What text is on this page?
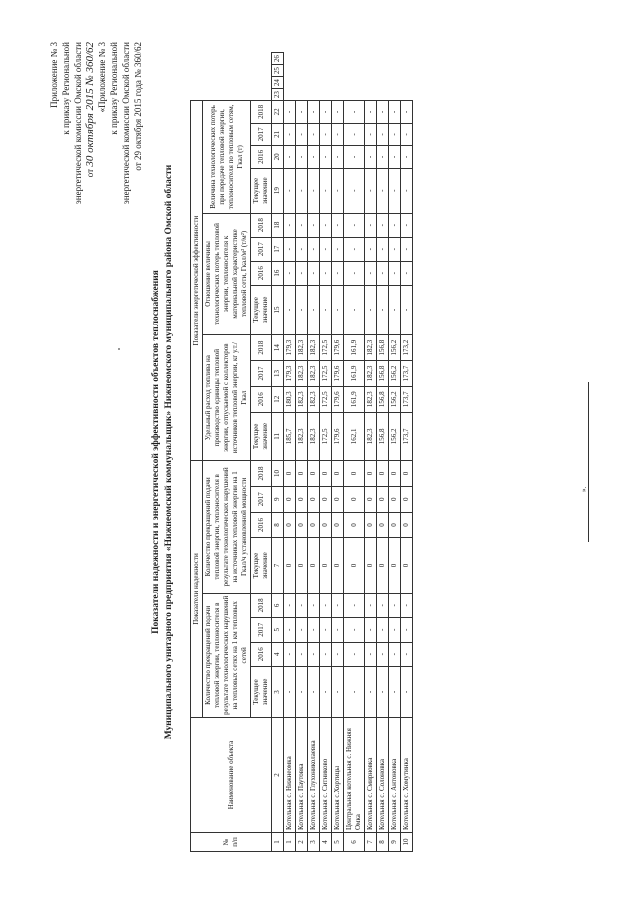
Приложение № 3 к приказу Региональной энергетической комиссии Омской области от 30 октября 2015 № 360/62 «Приложение № 3 к приказу Региональной энергетической комиссии Омской области от 29 октября 2015 года № 360/62
Показатели надежности и энергетической эффективности объектов теплоснабжения Муниципального унитарного предприятия «Нижнеомский коммунальщик» Нижнеомского муниципального района Омской области
№ п/п	Наименование объекта	Показатели надежности								Показатели энергетической эффективности															
		Количество прекращений подачи тепловой энергии, теплоносителя в результате технологических нарушений на тепловых сетях на 1 км тепловых сетей				Количество прекращений подачи тепловой энергии, теплоносителя в результате технологических нарушений на источниках тепловой энергии на 1 Гкал/ч установленной мощности				Удельный расход топлива на производство единицы тепловой энергии, отпускаемой с коллекторов источников тепловой энергии, кг у.т./Гкал				Отношение величины технологических потерь тепловой энергии, теплоносителя к материальной характеристике тепловой сети, Гкал/м² (т/м²)				Величина технологических потерь при передаче тепловой энергии, теплоносителя по тепловым сетям, Гкал (т)							
		Текущее значение	2016	2017	2018	Текущее значение	2016	2017	2018	Текущее значение	2016	2017	2018	Текущее значение	2016	2017	2018	Текущее значение	2016	2017	2018				
1	2	3	4	5	6	7	8	9	10	11	12	13	14	15	16	17	18	19	20	21	22	23	24	25	26
1	Котельная с. Нижнеомка	-	-	-	-	0	0	0	0	185,7	180,3	179,3	179,3	-	-	-	-	-	-	-	-				
2	Котельная с. Паутовка	-	-	-	-	0	0	0	0	182,3	182,3	182,3	182,3	-	-	-	-	-	-	-	-				
3	Котельная с. Глухониколаевка	-	-	-	-	0	0	0	0	182,3	182,3	182,3	182,3	-	-	-	-	-	-	-	-				
4	Котельная с. Ситниково	-	-	-	-	0	0	0	0	172,5	172,5	172,5	172,5	-	-	-	-	-	-	-	-				
5	Котельная с.Хортицы	-	-	-	-	0	0	0	0	179,6	179,6	179,6	179,6	-	-	-	-	-	-	-	-				
6	Центральная котельная с. Нижняя Омка	-	-	-	-	0	0	0	0	162,1	161,9	161,9	161,9	-	-	-	-	-	-	-	-				
7	Котельная с. Смирновка	-	-	-	-	0	0	0	0	182,3	182,3	182,3	182,3	-	-	-	-	-	-	-	-				
8	Котельная с. Солоновка	-	-	-	-	0	0	0	0	156,8	156,8	156,8	156,8	-	-	-	-	-	-	-	-				
9	Котельная с. Антоновка	-	-	-	-	0	0	0	0	156,2	156,2	156,2	156,2	-	-	-	-	-	-	-	-				
10	Котельная с. Хомутинка	-	-	-	-	0	0	0	0	173,7	173,7	173,7	173,2	-	-	-	-	-	-	-	-				
».
